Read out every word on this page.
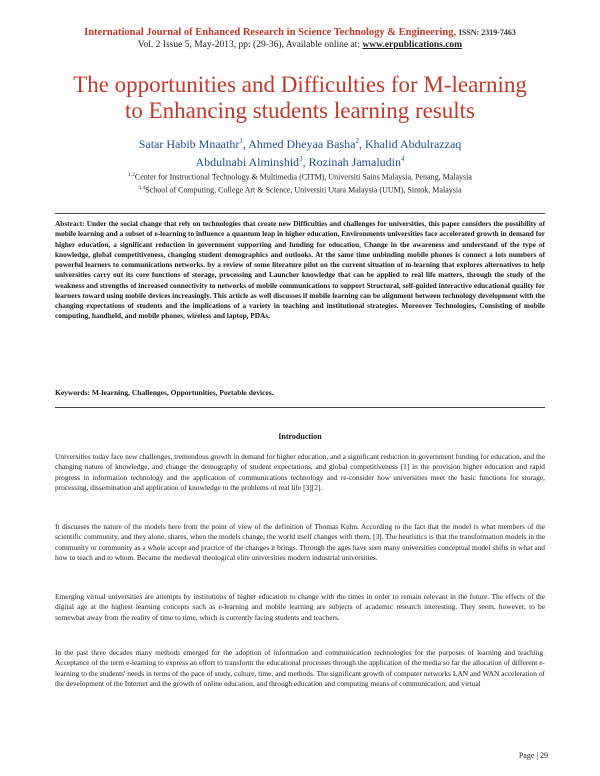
International Journal of Enhanced Research in Science Technology & Engineering, ISSN: 2319-7463
Vol. 2 Issue 5, May-2013, pp: (29-36), Available online at: www.erpublications.com
The opportunities and Difficulties for M-learning
to Enhancing students learning results
Satar Habib Mnaathr$^1$, Ahmed Dheyaa Basha$^2$, Khalid Abdulrazzaq
Abdulnabi Alminshid$^3$, Rozinah Jamaludin$^4$
$^{1,2}$Center for Instructional Technology & Multimedia (CITM), Universiti Sains Malaysia, Penang, Malaysia
$^{3,4}$School of Computing, College Art & Science, Universiti Utara Malaysia (UUM), Sintok, Malaysia

Abstract: Under the social change that rely on technologies that create new Difficulties and challenges for universities, this paper considers the possibility of mobile learning and a subset of e-learning to influence a quantum leap in higher education, Environments universities face accelerated growth in demand for higher education, a significant reduction in government supporting and funding for education, Change in the awareness and understand of the type of knowledge, global competitiveness, changing student demographics and outlooks. At the same time unbinding mobile phones is connect a lots numbers of powerful learners to communications networks. by a review of some literature pilot on the current situation of m-learning that explores alternatives to help universities carry out its core functions of storage, processing and Launcher knowledge that can be applied to real life matters, through the study of the weakness and strengths of increased connectivity to networks of mobile communications to support Structural, self-guided interactive educational quality for learners toward using mobile devices increasingly. This article as well discusses if mobile learning can be alignment between technology development with the changing expectations of students and the implications of a variety in teaching and institutional strategies. Moreover Technologies, Consisting of mobile computing, handheld, and mobile phones, wireless and laptop, PDAs.

Keywords: M-learning, Challenges, Opportunities, Portable devices.

Introduction

Universities today face new challenges, tremendous growth in demand for higher education, and a significant reduction in government funding for education, and the changing nature of knowledge, and change the demography of student expectations, and global competitiveness [1] in the provision higher education and rapid progress in information technology and the application of communications technology and re-consider how universities meet the basic functions for storage, processing, dissemination and application of knowledge to the problems of real life [3][2].

It discusses the nature of the models here from the point of view of the definition of Thomas Kuhn. According to the fact that the model is what members of the scientific community, and they alone, shares, when the models change, the world itself changes with them, [3]. The heuristics is that the transformation models in the community or community as a whole accept and practice of the changes it brings. Through the ages have seen many universities conceptual model shifts in what and how to teach and to whom. Became the medieval theological elite universities modern industrial universities.

Emerging virtual universities are attempts by institutions of higher education to change with the times in order to remain relevant in the future. The effects of the digital age at the highest learning concepts such as e-learning and mobile learning are subjects of academic research interesting. They seem, however, to be somewhat away from the reality of time to time, which is currently facing students and teachers.

In the past three decades many methods emerged for the adoption of information and communication technologies for the purposes of learning and teaching. Acceptance of the term e-learning to express an effort to transform the educational processes through the application of the media so far the allocation of different e-learning to the students' needs in terms of the pace of study, culture, time, and methods. The significant growth of computer networks LAN and WAN acceleration of the development of the Internet and the growth of online education, and through education and computing means of communication, and virtual

Page | 29
